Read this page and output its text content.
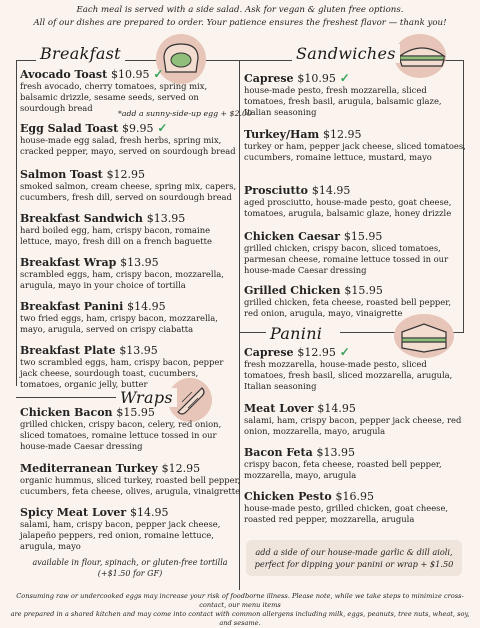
Each meal is served with a side salad. Ask for vegan & gluten free options.
All of our dishes are prepared to order. Your patience ensures the freshest flavor — thank you!
Breakfast	Sandwiches
Wraps
Panini
Avocado Toast $10.95 ✓
fresh avocado, cherry tomatoes, spring mix, balsamic drizzle, sesame seeds, served on sourdough bread
*add a sunny-side-up egg + $2.00
Egg Salad Toast $9.95 ✓
house-made egg salad, fresh herbs, spring mix, cracked pepper, mayo, served on sourdough bread
Salmon Toast $12.95
smoked salmon, cream cheese, spring mix, capers, cucumbers, fresh dill, served on sourdough bread
Breakfast Sandwich $13.95
hard boiled egg, ham, crispy bacon, romaine lettuce, mayo, fresh dill on a french baguette
Breakfast Wrap $13.95
scrambled eggs, ham, crispy bacon, mozzarella, arugula, mayo in your choice of tortilla
Breakfast Panini $14.95
two fried eggs, ham, crispy bacon, mozzarella, mayo, arugula, served on crispy ciabatta
Breakfast Plate $13.95
two scrambled eggs, ham, crispy bacon, pepper jack cheese, sourdough toast, cucumbers, tomatoes, organic jelly, butter
Chicken Bacon $15.95
grilled chicken, crispy bacon, celery, red onion, sliced tomatoes, romaine lettuce tossed in our house-made Caesar dressing
Mediterranean Turkey $12.95
organic hummus, sliced turkey, roasted bell pepper, cucumbers, feta cheese, olives, arugula, vinaigrette
Spicy Meat Lover $14.95
salami, ham, crispy bacon, pepper jack cheese, jalapeño peppers, red onion, romaine lettuce, arugula, mayo
available in flour, spinach, or gluten-free tortilla
(+$1.50 for GF)
Caprese $10.95 ✓
house-made pesto, fresh mozzarella, sliced tomatoes, fresh basil, arugula, balsamic glaze, Italian seasoning
Turkey/Ham $12.95
turkey or ham, pepper jack cheese, sliced tomatoes, cucumbers, romaine lettuce, mustard, mayo
Prosciutto $14.95
aged prosciutto, house-made pesto, goat cheese, tomatoes, arugula, balsamic glaze, honey drizzle
Chicken Caesar $15.95
grilled chicken, crispy bacon, sliced tomatoes, parmesan cheese, romaine lettuce tossed in our house-made Caesar dressing
Grilled Chicken $15.95
grilled chicken, feta cheese, roasted bell pepper, red onion, arugula, mayo, vinaigrette
Caprese $12.95 ✓
fresh mozzarella, house-made pesto, sliced tomatoes, fresh basil, sliced mozzarella, arugula, Italian seasoning
Meat Lover $14.95
salami, ham, crispy bacon, pepper jack cheese, red onion, mozzarella, mayo, arugula
Bacon Feta $13.95
crispy bacon, feta cheese, roasted bell pepper, mozzarella, mayo, arugula
Chicken Pesto $16.95
house-made pesto, grilled chicken, goat cheese, roasted red pepper, mozzarella, arugula
add a side of our house-made garlic & dill aioli,
perfect for dipping your panini or wrap + $1.50
Consuming raw or undercooked eggs may increase your risk of foodborne illness. Please note, while we take steps to minimize cross-contact, our menu items
are prepared in a shared kitchen and may come into contact with common allergens including milk, eggs, peanuts, tree nuts, wheat, soy, and sesame.
